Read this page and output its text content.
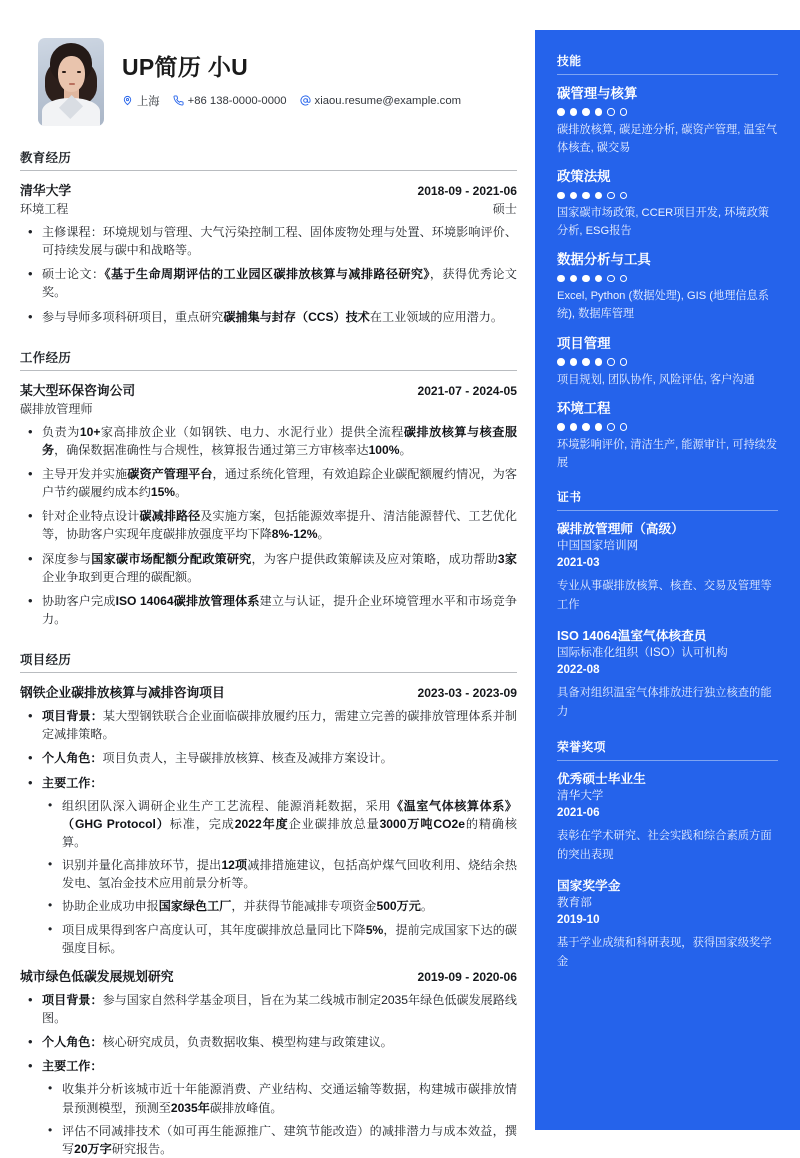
UP简历 小U
上海 +86 138-0000-0000 xiaou.resume@example.com
教育经历
清华大学	2018-09 - 2021-06
环境工程	硕士
• 主修课程：环境规划与管理、大气污染控制工程、固体废物处理与处置、环境影响评价、可持续发展与碳中和战略等。
• 硕士论文：《基于生命周期评估的工业园区碳排放核算与减排路径研究》，获得优秀论文奖。
• 参与导师多项科研项目，重点研究碳捕集与封存（CCS）技术在工业领域的应用潜力。
工作经历
某大型环保咨询公司	2021-07 - 2024-05
碳排放管理师
• 负责为10+家高排放企业（如钢铁、电力、水泥行业）提供全流程碳排放核算与核查服务，确保数据准确性与合规性，核算报告通过第三方审核率达100%。
• 主导开发并实施碳资产管理平台，通过系统化管理，有效追踪企业碳配额履约情况，为客户节约碳履约成本约15%。
• 针对企业特点设计碳减排路径及实施方案，包括能源效率提升、清洁能源替代、工艺优化等，协助客户实现年度碳排放强度平均下降8%-12%。
• 深度参与国家碳市场配额分配政策研究，为客户提供政策解读及应对策略，成功帮助3家企业争取到更合理的碳配额。
• 协助客户完成ISO 14064碳排放管理体系建立与认证，提升企业环境管理水平和市场竞争力。
项目经历
钢铁企业碳排放核算与减排咨询项目	2023-03 - 2023-09
• 项目背景：某大型钢铁联合企业面临碳排放履约压力，需建立完善的碳排放管理体系并制定减排策略。
• 个人角色：项目负责人，主导碳排放核算、核查及减排方案设计。
• 主要工作：
• 组织团队深入调研企业生产工艺流程、能源消耗数据，采用《温室气体核算体系》（GHG Protocol）标准，完成2022年度企业碳排放总量3000万吨CO2e的精确核算。
• 识别并量化高排放环节，提出12项减排措施建议，包括高炉煤气回收利用、烧结余热发电、氢冶金技术应用前景分析等。
• 协助企业成功申报国家绿色工厂，并获得节能减排专项资金500万元。
• 项目成果得到客户高度认可，其年度碳排放总量同比下降5%，提前完成国家下达的碳强度目标。
城市绿色低碳发展规划研究	2019-09 - 2020-06
• 项目背景：参与国家自然科学基金项目，旨在为某二线城市制定2035年绿色低碳发展路线图。
• 个人角色：核心研究成员，负责数据收集、模型构建与政策建议。
• 主要工作：
• 收集并分析该城市近十年能源消费、产业结构、交通运输等数据，构建城市碳排放情景预测模型，预测至2035年碳排放峰值。
• 评估不同减排技术（如可再生能源推广、建筑节能改造）的减排潜力与成本效益，撰写20万字研究报告。
技能
碳管理与核算
碳排放核算, 碳足迹分析, 碳资产管理, 温室气体核查, 碳交易
政策法规
国家碳市场政策, CCER项目开发, 环境政策分析, ESG报告
数据分析与工具
Excel, Python (数据处理), GIS (地理信息系统), 数据库管理
项目管理
项目规划, 团队协作, 风险评估, 客户沟通
环境工程
环境影响评价, 清洁生产, 能源审计, 可持续发展
证书
碳排放管理师（高级）
中国国家培训网
2021-03
专业从事碳排放核算、核查、交易及管理等工作
ISO 14064温室气体核查员
国际标准化组织（ISO）认可机构
2022-08
具备对组织温室气体排放进行独立核查的能力
荣誉奖项
优秀硕士毕业生
清华大学
2021-06
表彰在学术研究、社会实践和综合素质方面的突出表现
国家奖学金
教育部
2019-10
基于学业成绩和科研表现，获得国家级奖学金
